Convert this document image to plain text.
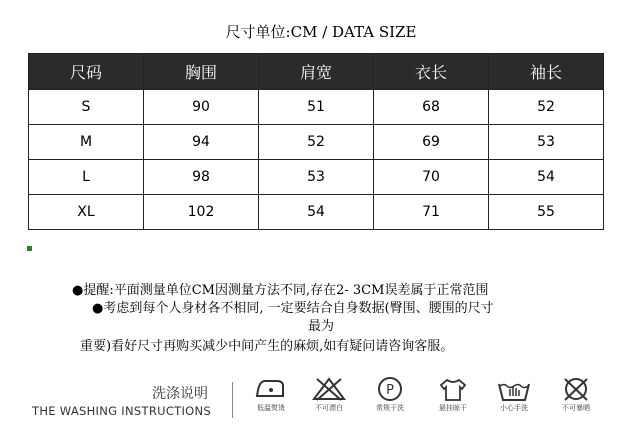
尺寸单位:CM / DATA SIZE
尺码	胸围	肩宽	衣长	袖长
S	90	51	68	52
M	94	52	69	53
L	98	53	70	54
XL	102	54	71	55
●提醒:平面测量单位CM因测量方法不同,存在2- 3CM误差属于正常范围
●考虑到每个人身材各不相同, 一定要结合自身数据(臀围、腰围的尺寸
最为
重要)看好尺寸再购买减少中间产生的麻烦,如有疑问请咨询客服。
洗涤说明
THE WASHING INSTRUCTIONS	低温熨烫	不可漂白
P
常规干洗	悬挂晾干	小心手洗	不可暴晒
